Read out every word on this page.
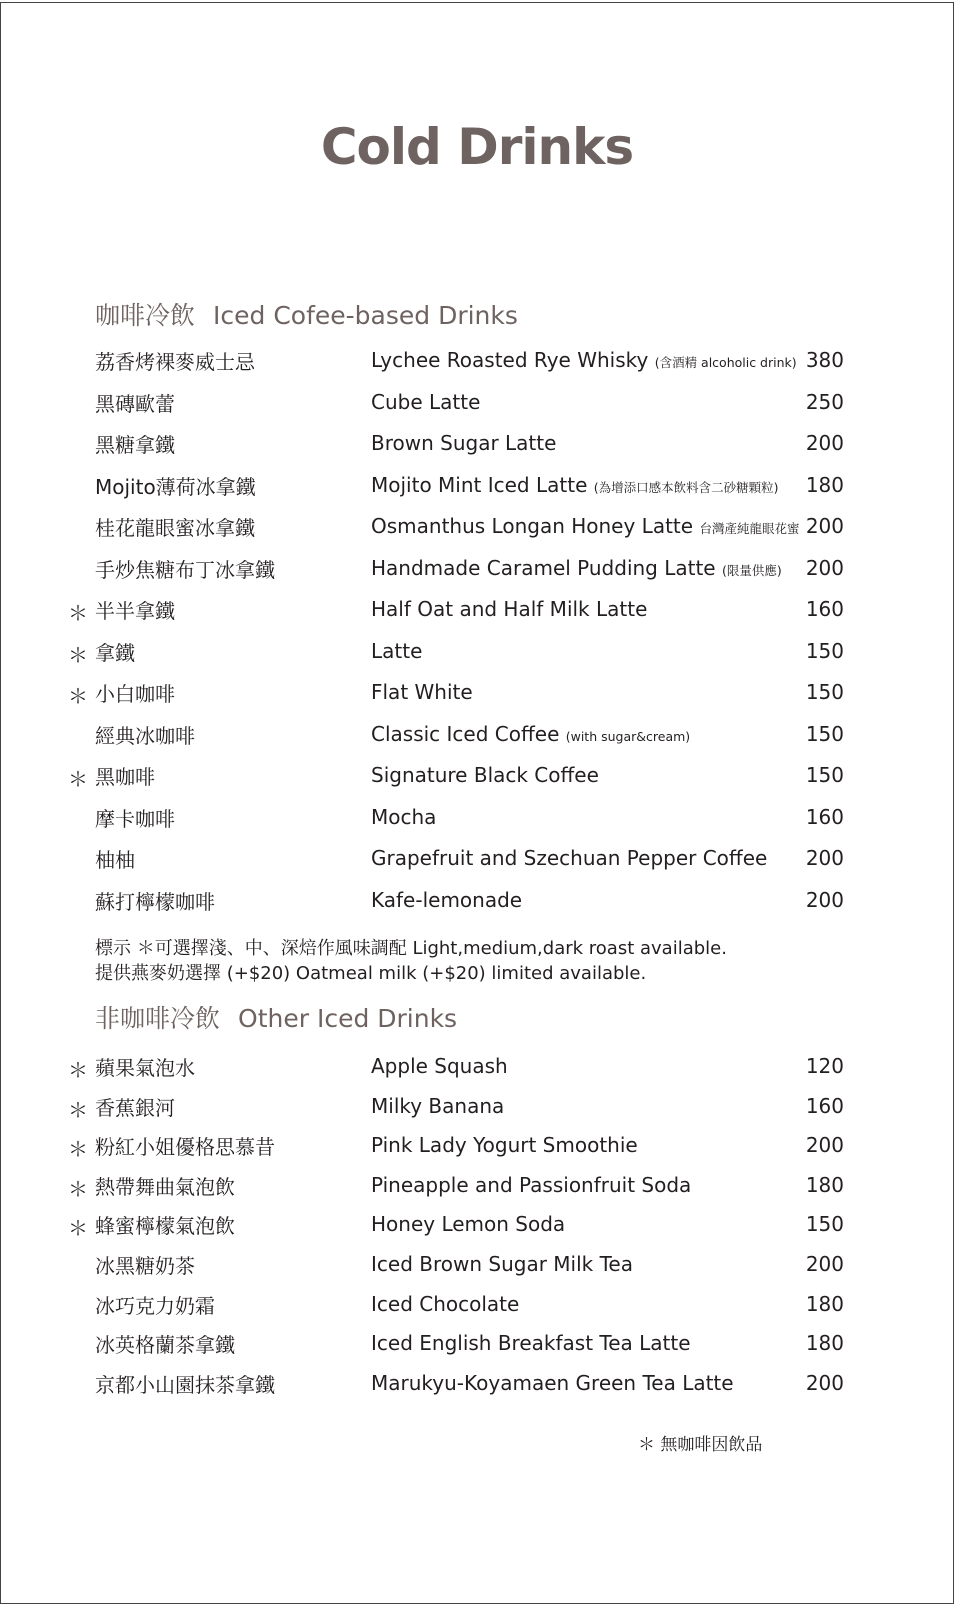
Cold Drinks
咖啡冷飲 Iced Cofee-based Drinks
荔香烤裸麥威士忌	Lychee Roasted Rye Whisky (含酒精 alcoholic drink) 380
黑磚歐蕾	Cube Latte	250
黑糖拿鐵	Brown Sugar Latte	200
Mojito薄荷冰拿鐵	Mojito Mint Iced Latte (為增添口感本飲料含二砂糖顆粒) 180
桂花龍眼蜜冰拿鐵	Osmanthus Longan Honey Latte 台灣產純龍眼花蜜 200
手炒焦糖布丁冰拿鐵	Handmade Caramel Pudding Latte (限量供應) 200
＊ 半半拿鐵	Half Oat and Half Milk Latte	160
＊ 拿鐵	Latte	150
＊ 小白咖啡	Flat White	150
經典冰咖啡	Classic Iced Coffee (with sugar&cream)	150
＊ 黑咖啡	Signature Black Coffee	150
摩卡咖啡	Mocha	160
柚柚	Grapefruit and Szechuan Pepper Coffee 200
蘇打檸檬咖啡	Kafe-lemonade	200

標示 ＊可選擇淺、中、深焙作風味調配 Light,medium,dark roast available.
提供燕麥奶選擇 (+$20) Oatmeal milk (+$20) limited available.

非咖啡冷飲 Other Iced Drinks
＊ 蘋果氣泡水	Apple Squash	120
＊ 香蕉銀河	Milky Banana	160
＊ 粉紅小姐優格思慕昔	Pink Lady Yogurt Smoothie	200
＊ 熱帶舞曲氣泡飲	Pineapple and Passionfruit Soda	180
＊ 蜂蜜檸檬氣泡飲	Honey Lemon Soda	150
冰黑糖奶茶	Iced Brown Sugar Milk Tea	200
冰巧克力奶霜	Iced Chocolate	180
冰英格蘭茶拿鐵	Iced English Breakfast Tea Latte	180
京都小山園抹茶拿鐵	Marukyu-Koyamaen Green Tea Latte	200

＊ 無咖啡因飲品
